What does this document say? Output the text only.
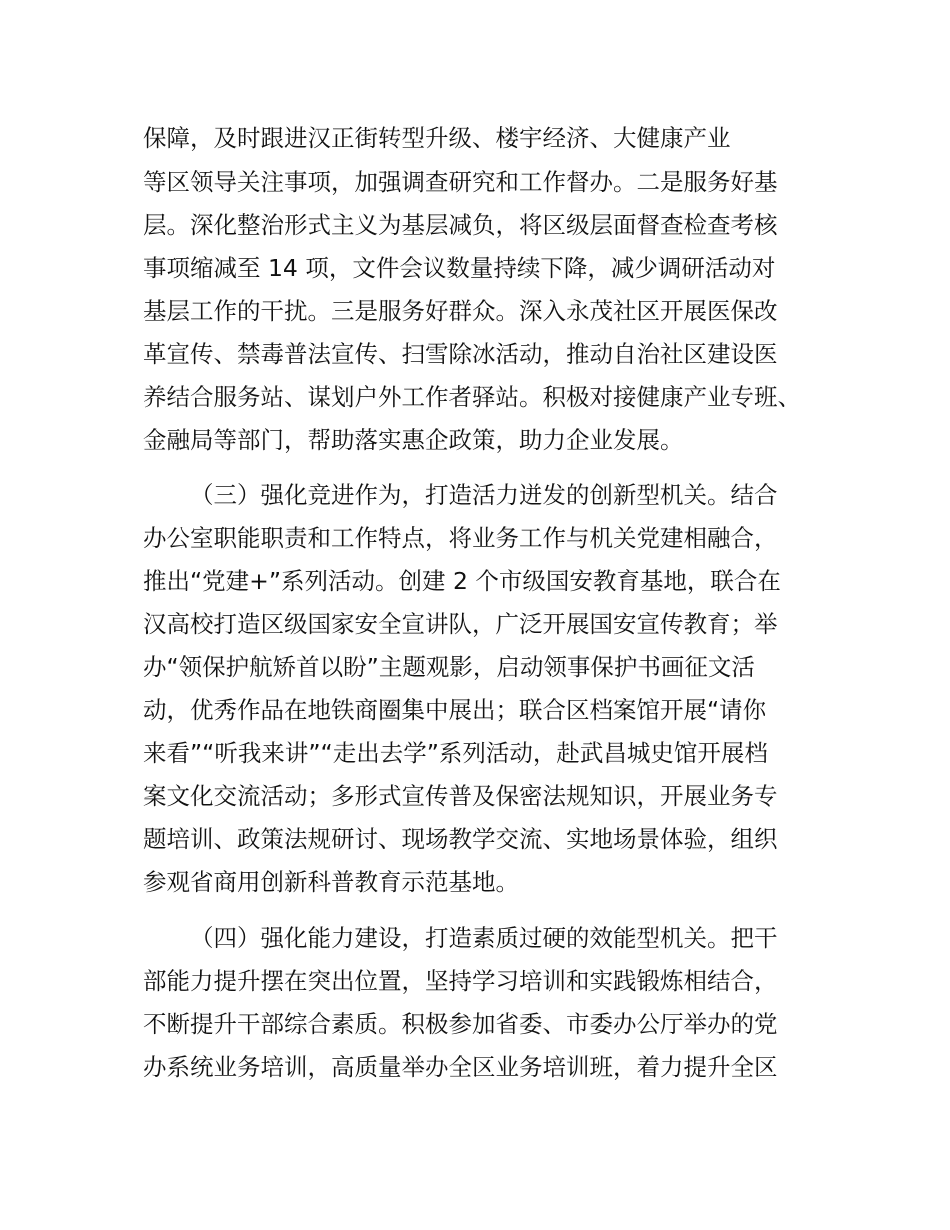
保障，及时跟进汉正街转型升级、楼宇经济、大健康产业

等区领导关注事项，加强调查研究和工作督办。二是服务好基

层。深化整治形式主义为基层减负，将区级层面督查检查考核

事项缩减至 14 项，文件会议数量持续下降，减少调研活动对

基层工作的干扰。三是服务好群众。深入永茂社区开展医保改

革宣传、禁毒普法宣传、扫雪除冰活动，推动自治社区建设医

养结合服务站、谋划户外工作者驿站。积极对接健康产业专班、

金融局等部门，帮助落实惠企政策，助力企业发展。

（三）强化竞进作为，打造活力迸发的创新型机关。结合

办公室职能职责和工作特点，将业务工作与机关党建相融合，

推出“党建+”系列活动。创建 2 个市级国安教育基地，联合在

汉高校打造区级国家安全宣讲队，广泛开展国安宣传教育；举

办“领保护航矫首以盼”主题观影，启动领事保护书画征文活

动，优秀作品在地铁商圈集中展出；联合区档案馆开展“请你

来看”“听我来讲”“走出去学”系列活动，赴武昌城史馆开展档

案文化交流活动；多形式宣传普及保密法规知识，开展业务专

题培训、政策法规研讨、现场教学交流、实地场景体验，组织

参观省商用创新科普教育示范基地。

（四）强化能力建设，打造素质过硬的效能型机关。把干

部能力提升摆在突出位置，坚持学习培训和实践锻炼相结合，

不断提升干部综合素质。积极参加省委、市委办公厅举办的党

办系统业务培训，高质量举办全区业务培训班，着力提升全区
